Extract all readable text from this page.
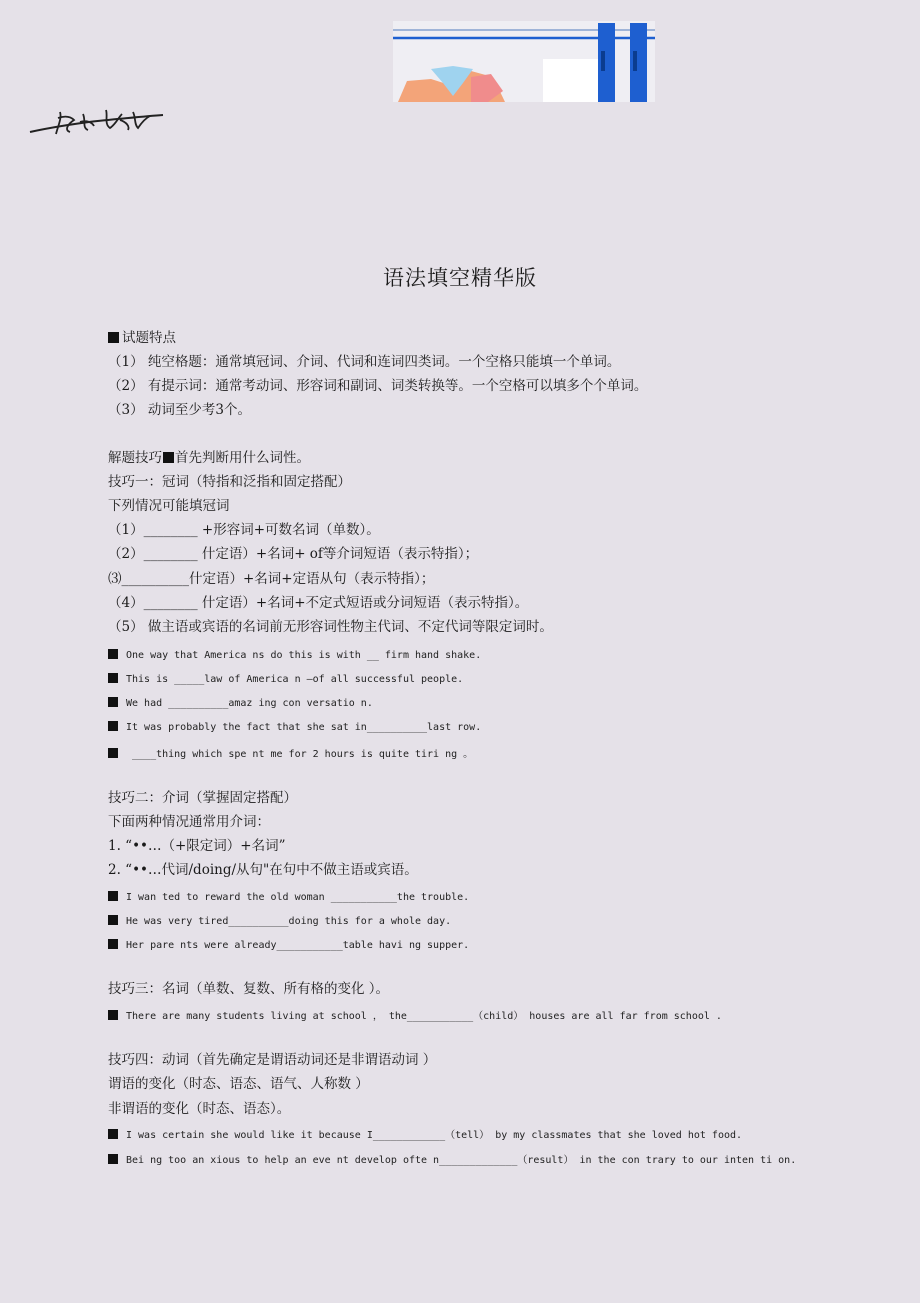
语法填空精华版
试题特点
（1） 纯空格题：通常填冠词、介词、代词和连词四类词。一个空格只能填一个单词。
（2） 有提示词：通常考动词、形容词和副词、词类转换等。一个空格可以填多个个单词。
（3） 动词至少考3个。
解题技巧 首先判断用什么词性。
技巧一：冠词（特指和泛指和固定搭配）
下列情况可能填冠词
（1）________ +形容词+可数名词（单数）。
（2）________ 什定语）+名词+ of等介词短语（表示特指）；
⑶__________什定语）+名词+定语从句（表示特指）；
（4）________ 什定语）+名词+不定式短语或分词短语（表示特指）。
（5） 做主语或宾语的名词前无形容词性物主代词、不定代词等限定词时。
One way that America ns do this is with __ firm hand shake.
This is _____law of America n —of all successful people.
We had __________amaz ing con versatio n.
It was probably the fact that she sat in__________last row.
____thing which spe nt me for 2 hours is quite tiri ng 。
技巧二：介词（掌握固定搭配）
下面两种情况通常用介词：
1. “••…（+限定词）+名词”
2. “••…代词/doing/从句"在句中不做主语或宾语。
I wan ted to reward the old woman ___________the trouble.
He was very tired__________doing this for a whole day.
Her pare nts were already___________table havi ng supper.
技巧三：名词（单数、复数、所有格的变化 ）。
There are many students living at school ， the___________（child） houses are all far from school .
技巧四：动词（首先确定是谓语动词还是非谓语动词 ）
谓语的变化（时态、语态、语气、人称数 ）
非谓语的变化（时态、语态）。
I was certain she would like it because I____________（tell） by my classmates that she loved hot food.
Bei ng too an xious to help an eve nt develop ofte n_____________（result） in the con trary to our inten ti on.
